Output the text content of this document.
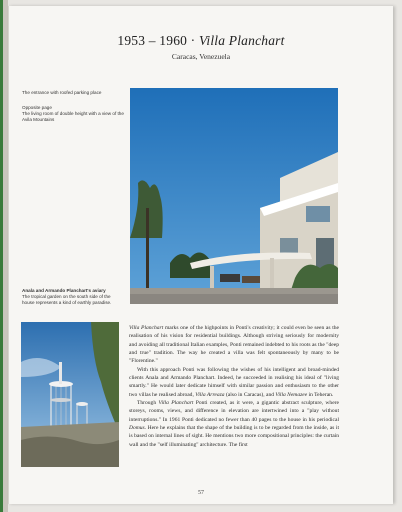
1953 – 1960 · Villa Planchart
Caracas, Venezuela
The entrance with roofed parking place
Opposite page
The living room of double height with a view of the Avila Mountains
Anala and Armando Planchart's aviary
The tropical garden on the south side of the house represents a kind of earthly paradise.

Villa Planchart marks one of the highpoints in Ponti's creativity; it could even be seen as the realisation of his vision for residential buildings. Although striving seriously for modernity and avoiding all traditional Italian examples, Ponti remained indebted to his roots as the "deep and true" tradition. The way he created a villa was felt spontaneously by many to be "Florentine."

With this approach Ponti was following the wishes of his intelligent and broad-minded clients Anala and Armando Planchart. Indeed, he succeeded in realising his ideal of "living smartly." He would later dedicate himself with similar passion and enthusiasm to the other two villas he realised abroad, Villa Arreaza (also in Caracas), and Villa Nemazee in Teheran.

Through Villa Planchart Ponti created, as it were, a gigantic abstract sculpture, where storeys, rooms, views, and difference in elevation are intertwined into a "play without interruptions." In 1961 Ponti dedicated no fewer than 40 pages to the house in his periodical Domus. Here he explains that the shape of the building is to be regarded from the inside, as it is based on internal lines of sight. He mentions two more compositional principles: the curtain wall and the "self illuminating" architecture. The first

57
